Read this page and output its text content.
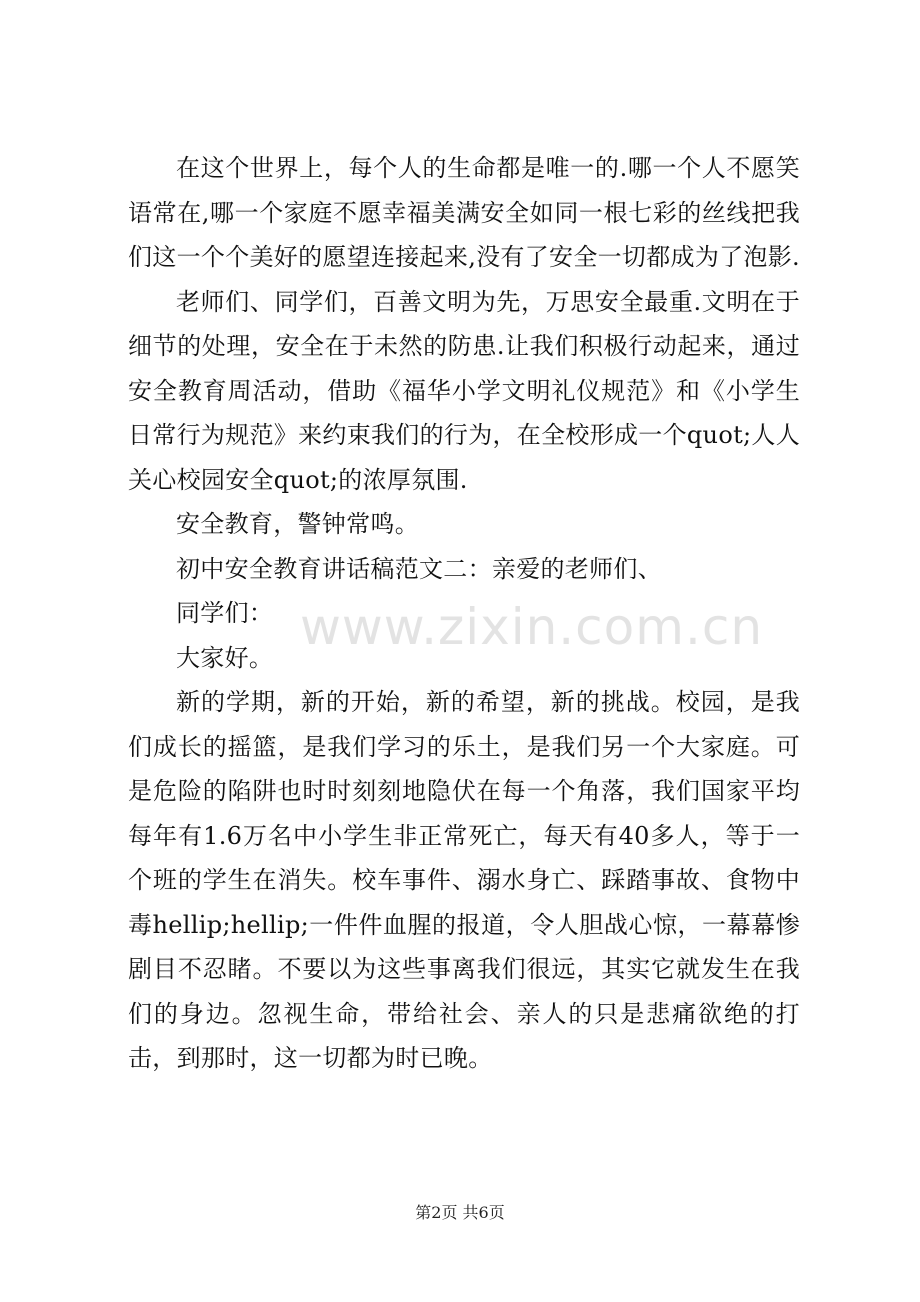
www.zixin.com.cn

在这个世界上，每个人的生命都是唯一的.哪一个人不愿笑语常在,哪一个家庭不愿幸福美满安全如同一根七彩的丝线把我们这一个个美好的愿望连接起来,没有了安全一切都成为了泡影.

老师们、同学们，百善文明为先，万思安全最重.文明在于细节的处理，安全在于未然的防患.让我们积极行动起来，通过安全教育周活动，借助《福华小学文明礼仪规范》和《小学生日常行为规范》来约束我们的行为，在全校形成一个quot;人人关心校园安全quot;的浓厚氛围.

安全教育，警钟常鸣。

初中安全教育讲话稿范文二：亲爱的老师们、

同学们：

大家好。

新的学期，新的开始，新的希望，新的挑战。校园，是我们成长的摇篮，是我们学习的乐土，是我们另一个大家庭。可是危险的陷阱也时时刻刻地隐伏在每一个角落，我们国家平均每年有1.6万名中小学生非正常死亡，每天有40多人，等于一个班的学生在消失。校车事件、溺水身亡、踩踏事故、食物中毒hellip;hellip;一件件血腥的报道，令人胆战心惊，一幕幕惨剧目不忍睹。不要以为这些事离我们很远，其实它就发生在我们的身边。忽视生命，带给社会、亲人的只是悲痛欲绝的打击，到那时，这一切都为时已晚。

第2页 共6页
